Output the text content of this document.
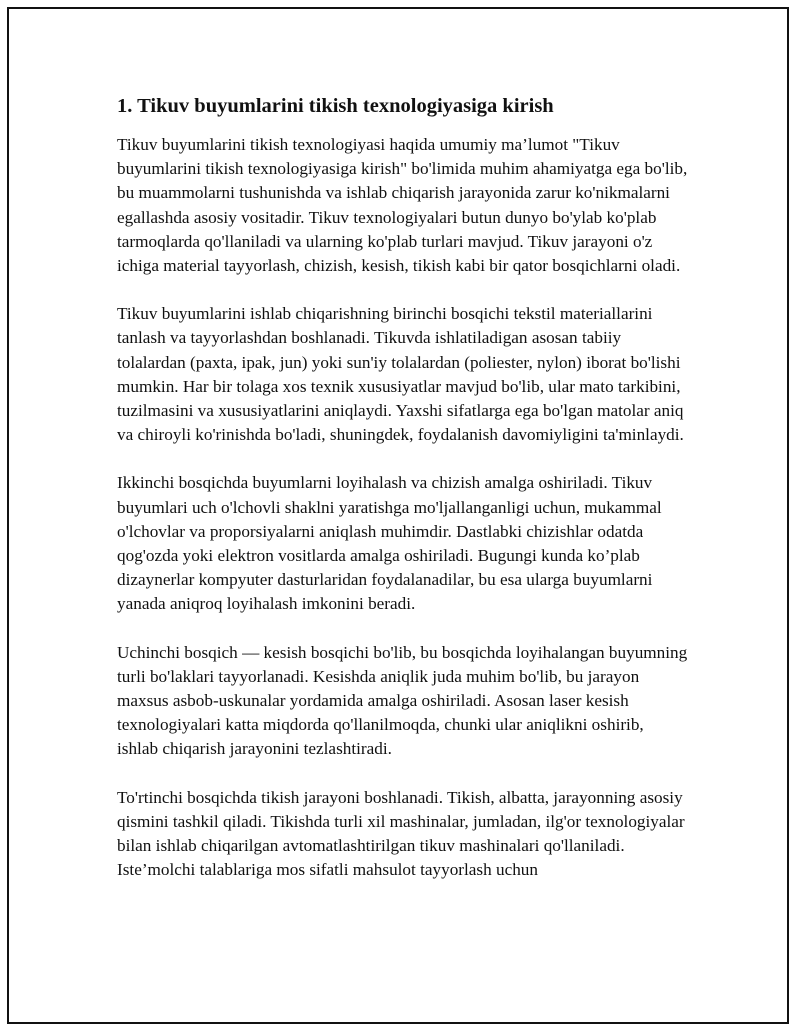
1. Tikuv buyumlarini tikish texnologiyasiga kirish

Tikuv buyumlarini tikish texnologiyasi haqida umumiy ma’lumot "Tikuv buyumlarini tikish texnologiyasiga kirish" bo'limida muhim ahamiyatga ega bo'lib, bu muammolarni tushunishda va ishlab chiqarish jarayonida zarur ko'nikmalarni egallashda asosiy vositadir. Tikuv texnologiyalari butun dunyo bo'ylab ko'plab tarmoqlarda qo'llaniladi va ularning ko'plab turlari mavjud. Tikuv jarayoni o'z ichiga material tayyorlash, chizish, kesish, tikish kabi bir qator bosqichlarni oladi.

Tikuv buyumlarini ishlab chiqarishning birinchi bosqichi tekstil materiallarini tanlash va tayyorlashdan boshlanadi. Tikuvda ishlatiladigan asosan tabiiy tolalardan (paxta, ipak, jun) yoki sun'iy tolalardan (poliester, nylon) iborat bo'lishi mumkin. Har bir tolaga xos texnik xususiyatlar mavjud bo'lib, ular mato tarkibini, tuzilmasini va xususiyatlarini aniqlaydi. Yaxshi sifatlarga ega bo'lgan matolar aniq va chiroyli ko'rinishda bo'ladi, shuningdek, foydalanish davomiyligini ta'minlaydi.

Ikkinchi bosqichda buyumlarni loyihalash va chizish amalga oshiriladi. Tikuv buyumlari uch o'lchovli shaklni yaratishga mo'ljallanganligi uchun, mukammal o'lchovlar va proporsiyalarni aniqlash muhimdir. Dastlabki chizishlar odatda qog'ozda yoki elektron vositlarda amalga oshiriladi. Bugungi kunda ko’plab dizaynerlar kompyuter dasturlaridan foydalanadilar, bu esa ularga buyumlarni yanada aniqroq loyihalash imkonini beradi.

Uchinchi bosqich — kesish bosqichi bo'lib, bu bosqichda loyihalangan buyumning turli bo'laklari tayyorlanadi. Kesishda aniqlik juda muhim bo'lib, bu jarayon maxsus asbob-uskunalar yordamida amalga oshiriladi. Asosan laser kesish texnologiyalari katta miqdorda qo'llanilmoqda, chunki ular aniqlikni oshirib, ishlab chiqarish jarayonini tezlashtiradi.

To'rtinchi bosqichda tikish jarayoni boshlanadi. Tikish, albatta, jarayonning asosiy qismini tashkil qiladi. Tikishda turli xil mashinalar, jumladan, ilg'or texnologiyalar bilan ishlab chiqarilgan avtomatlashtirilgan tikuv mashinalari qo'llaniladi. Iste’molchi talablariga mos sifatli mahsulot tayyorlash uchun
